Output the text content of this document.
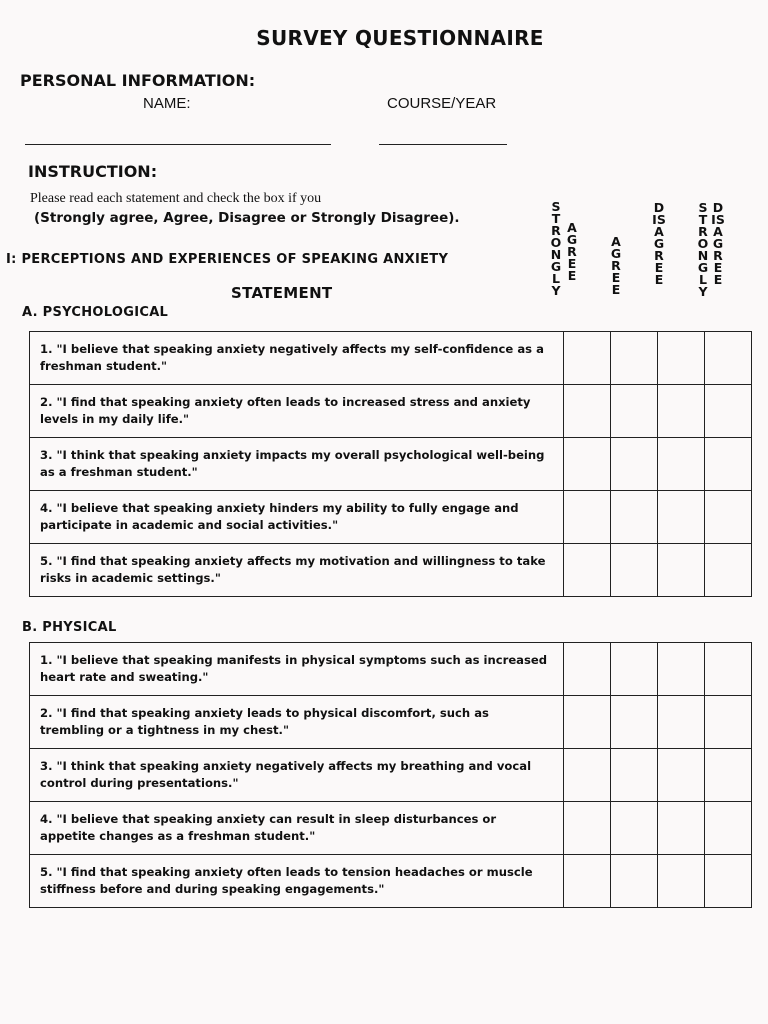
SURVEY QUESTIONNAIRE
PERSONAL INFORMATION:
NAME:	COURSE/YEAR
INSTRUCTION:
Please read each statement and check the box if you
(Strongly agree, Agree, Disagree or Strongly Disagree).
I: PERCEPTIONS AND EXPERIENCES OF SPEAKING ANXIETY
STATEMENT
STRONGLY
AGREE
AGREE
DISAGREE
STRONGLY
DISAGREE
A. PSYCHOLOGICAL
1. "I believe that speaking anxiety negatively affects my self-confidence as a freshman student."				
2. "I find that speaking anxiety often leads to increased stress and anxiety levels in my daily life."				
3. "I think that speaking anxiety impacts my overall psychological well-being as a freshman student."				
4. "I believe that speaking anxiety hinders my ability to fully engage and participate in academic and social activities."				
5. "I find that speaking anxiety affects my motivation and willingness to take risks in academic settings."				
B. PHYSICAL
1. "I believe that speaking manifests in physical symptoms such as increased heart rate and sweating."				
2. "I find that speaking anxiety leads to physical discomfort, such as trembling or a tightness in my chest."				
3. "I think that speaking anxiety negatively affects my breathing and vocal control during presentations."				
4. "I believe that speaking anxiety can result in sleep disturbances or appetite changes as a freshman student."				
5. "I find that speaking anxiety often leads to tension headaches or muscle stiffness before and during speaking engagements."				
